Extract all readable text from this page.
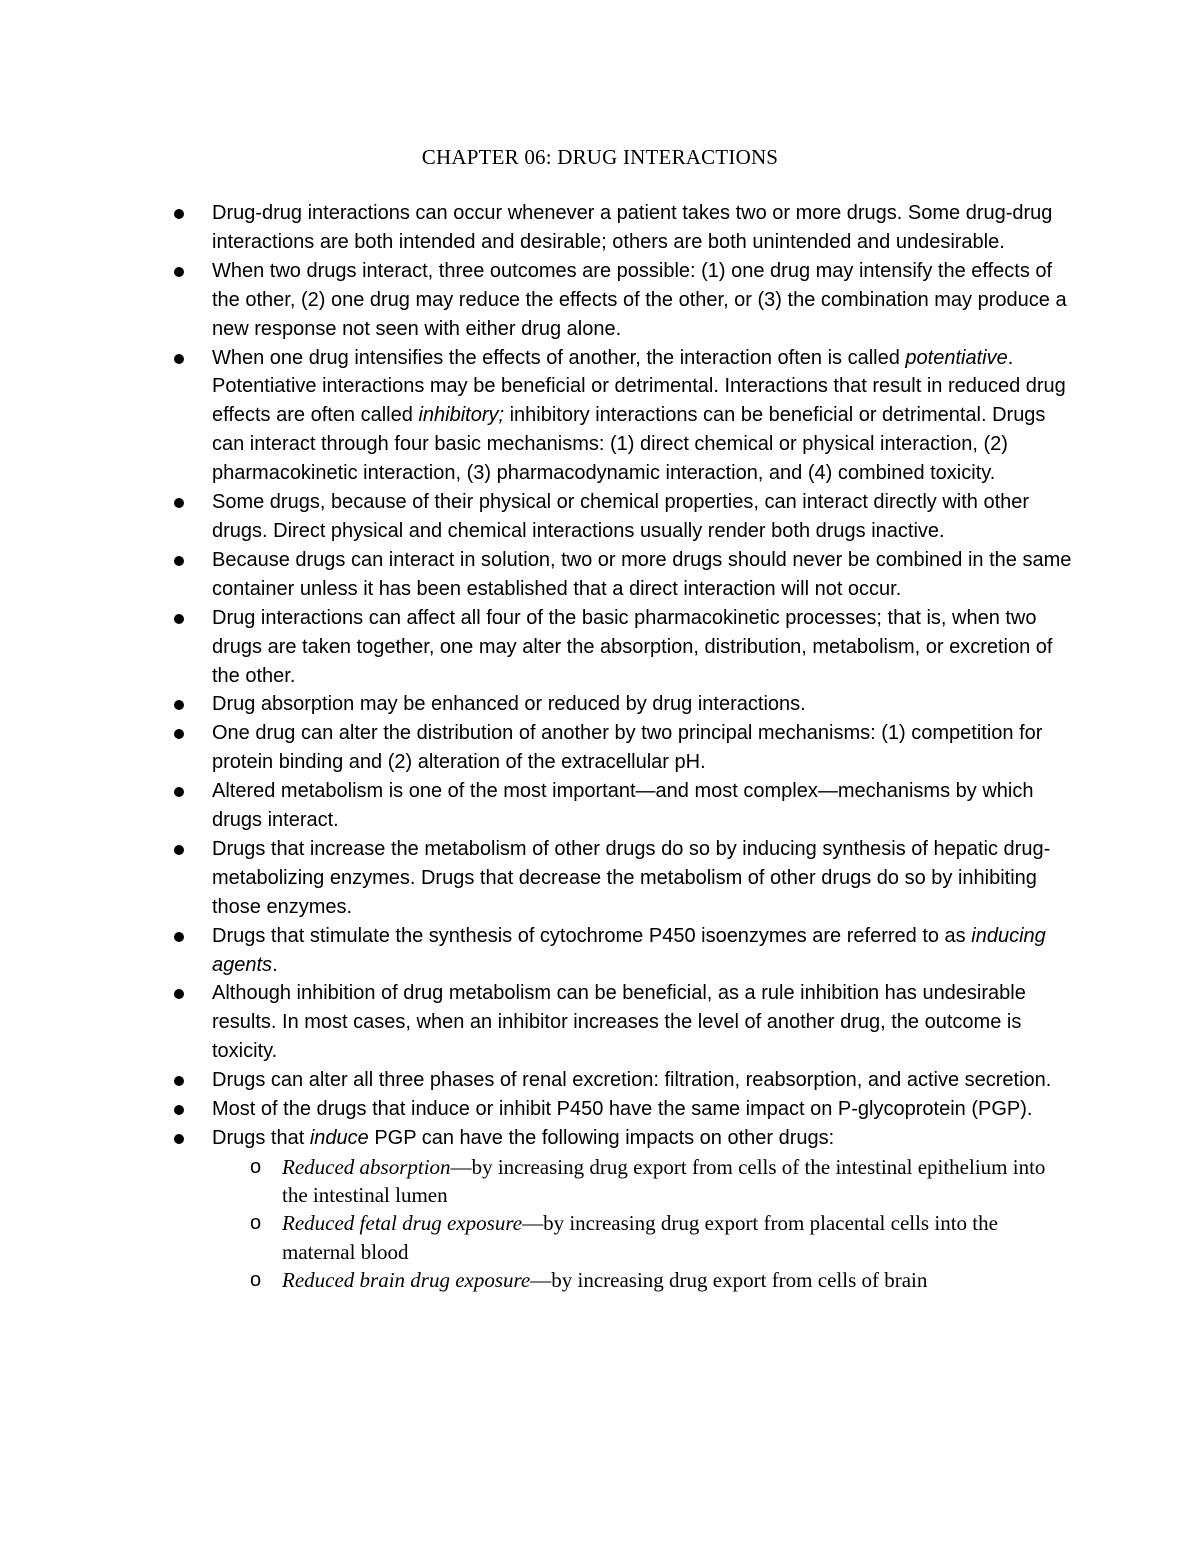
CHAPTER 06: DRUG INTERACTIONS
Drug-drug interactions can occur whenever a patient takes two or more drugs. Some drug-drug interactions are both intended and desirable; others are both unintended and undesirable.
When two drugs interact, three outcomes are possible: (1) one drug may intensify the effects of the other, (2) one drug may reduce the effects of the other, or (3) the combination may produce a new response not seen with either drug alone.
When one drug intensifies the effects of another, the interaction often is called potentiative. Potentiative interactions may be beneficial or detrimental. Interactions that result in reduced drug effects are often called inhibitory; inhibitory interactions can be beneficial or detrimental. Drugs can interact through four basic mechanisms: (1) direct chemical or physical interaction, (2) pharmacokinetic interaction, (3) pharmacodynamic interaction, and (4) combined toxicity.
Some drugs, because of their physical or chemical properties, can interact directly with other drugs. Direct physical and chemical interactions usually render both drugs inactive.
Because drugs can interact in solution, two or more drugs should never be combined in the same container unless it has been established that a direct interaction will not occur.
Drug interactions can affect all four of the basic pharmacokinetic processes; that is, when two drugs are taken together, one may alter the absorption, distribution, metabolism, or excretion of the other.
Drug absorption may be enhanced or reduced by drug interactions.
One drug can alter the distribution of another by two principal mechanisms: (1) competition for protein binding and (2) alteration of the extracellular pH.
Altered metabolism is one of the most important—and most complex—mechanisms by which drugs interact.
Drugs that increase the metabolism of other drugs do so by inducing synthesis of hepatic drug-metabolizing enzymes. Drugs that decrease the metabolism of other drugs do so by inhibiting those enzymes.
Drugs that stimulate the synthesis of cytochrome P450 isoenzymes are referred to as inducing agents.
Although inhibition of drug metabolism can be beneficial, as a rule inhibition has undesirable results. In most cases, when an inhibitor increases the level of another drug, the outcome is toxicity.
Drugs can alter all three phases of renal excretion: filtration, reabsorption, and active secretion.
Most of the drugs that induce or inhibit P450 have the same impact on P-glycoprotein (PGP).
Drugs that induce PGP can have the following impacts on other drugs:
o Reduced absorption—by increasing drug export from cells of the intestinal epithelium into the intestinal lumen
o Reduced fetal drug exposure—by increasing drug export from placental cells into the maternal blood
o Reduced brain drug exposure—by increasing drug export from cells of brain
